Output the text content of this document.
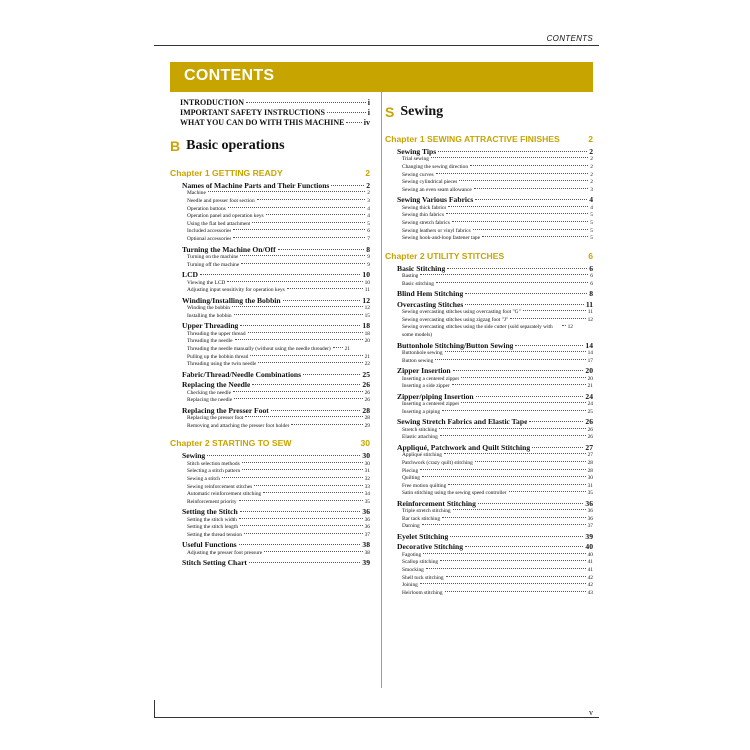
CONTENTS
CONTENTS
INTRODUCTION	i
IMPORTANT SAFETY INSTRUCTIONS	i
WHAT YOU CAN DO WITH THIS MACHINE iv
B Basic operations
Chapter 1 GETTING READY	2
Names of Machine Parts and Their Functions	2
Machine	2
Needle and presser foot section	3
Operation buttons	4
Operation panel and operation keys	4
Using the flat bed attachment	5
Included accessories	6
Optional accessories	7
Turning the Machine On/Off	8
Turning on the machine	9
Turning off the machine	9
LCD	10
Viewing the LCD	10
Adjusting input sensitivity for operation keys	11
Winding/Installing the Bobbin	12
Winding the bobbin	12
Installing the bobbin	15
Upper Threading	18
Threading the upper thread	18
Threading the needle	20
Threading the needle manually (without using the needle threader)	21
Pulling up the bobbin thread	21
Threading using the twin needle	22
Fabric/Thread/Needle Combinations	25
Replacing the Needle	26
Checking the needle	26
Replacing the needle	26
Replacing the Presser Foot	28
Replacing the presser foot	28
Removing and attaching the presser foot holder	29
Chapter 2 STARTING TO SEW	30
Sewing	30
Stitch selection methods	30
Selecting a stitch pattern	31
Sewing a stitch	32
Sewing reinforcement stitches	33
Automatic reinforcement stitching	34
Reinforcement priority	35
Setting the Stitch	36
Setting the stitch width	36
Setting the stitch length	36
Setting the thread tension	37
Useful Functions	38
Adjusting the presser foot pressure	38
Stitch Setting Chart	39
S Sewing
Chapter 1 SEWING ATTRACTIVE FINISHES	2
Sewing Tips	2
Trial sewing	2
Changing the sewing direction	2
Sewing curves	2
Sewing cylindrical pieces	2
Sewing an even seam allowance	3
Sewing Various Fabrics	4
Sewing thick fabrics	4
Sewing thin fabrics	5
Sewing stretch fabrics	5
Sewing leathers or vinyl fabrics	5
Sewing hook-and-loop fastener tape	5
Chapter 2 UTILITY STITCHES	6
Basic Stitching	6
Basting	6
Basic stitching	6
Blind Hem Stitching	8
Overcasting Stitches	11
Sewing overcasting stitches using overcasting foot "G"	11
Sewing overcasting stitches using zigzag foot "J"	12
Sewing overcasting stitches using the side cutter (sold separately with some models)
12
Buttonhole Stitching/Button Sewing	14
Buttonhole sewing	14
Button sewing	17
Zipper Insertion	20
Inserting a centered zipper	20
Inserting a side zipper	21
Zipper/piping Insertion	24
Inserting a centered zipper	24
Inserting a piping	25
Sewing Stretch Fabrics and Elastic Tape	26
Stretch stitching	26
Elastic attaching	26
Appliqué, Patchwork and Quilt Stitching	27
Appliqué stitching	27
Patchwork (crazy quilt) stitching	28
Piecing	28
Quilting	30
Free motion quilting	31
Satin stitching using the sewing speed controller	35
Reinforcement Stitching	36
Triple stretch stitching	36
Bar tack stitching	36
Darning	37
Eyelet Stitching	39
Decorative Stitching	40
Fagoting	40
Scallop stitching	41
Smocking	41
Shell tuck stitching	42
Joining	42
Heirloom stitching	43
v
